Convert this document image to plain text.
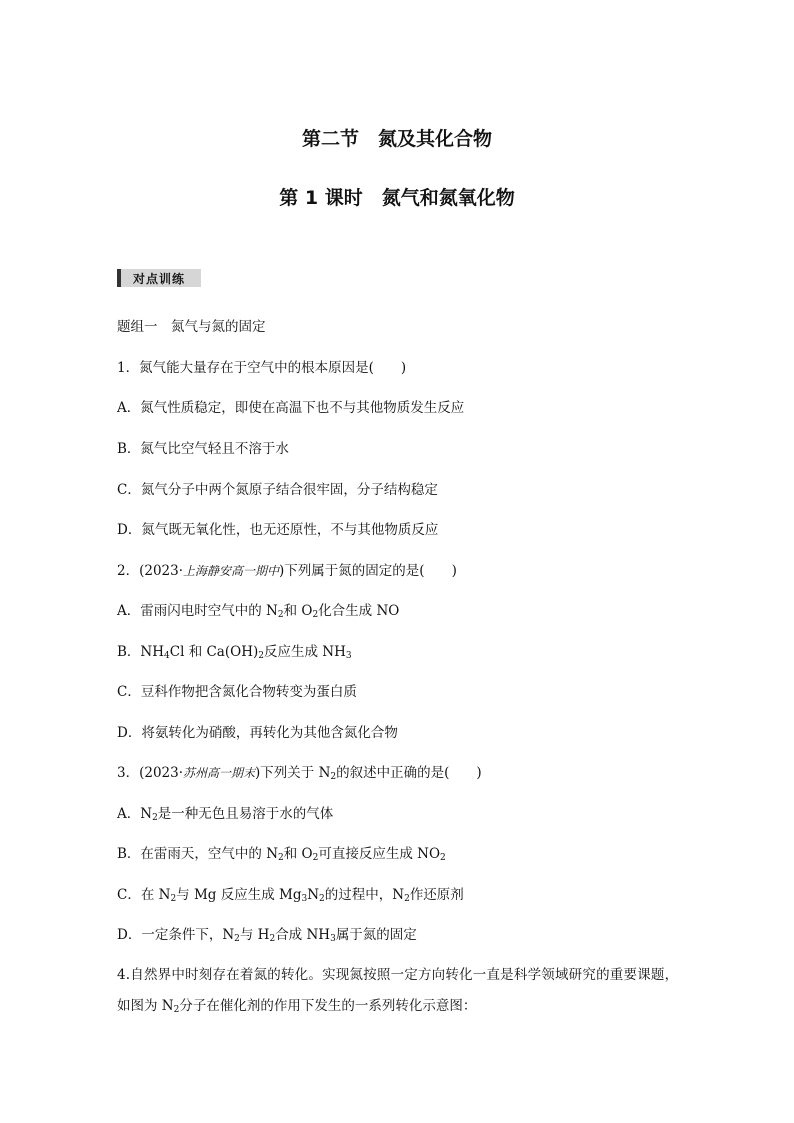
第二节　氮及其化合物
第 1 课时　氮气和氮氧化物
对点训练
题组一　氮气与氮的固定
1．氮气能大量存在于空气中的根本原因是(　　)
A．氮气性质稳定，即使在高温下也不与其他物质发生反应
B．氮气比空气轻且不溶于水
C．氮气分子中两个氮原子结合很牢固，分子结构稳定
D．氮气既无氧化性，也无还原性，不与其他物质反应
2．(2023·上海静安高一期中)下列属于氮的固定的是(　　)
A．雷雨闪电时空气中的 $N_2$和 $O_2$化合生成 NO
B．$NH_4Cl$ 和 $Ca(OH)_2$反应生成 $NH_3$
C．豆科作物把含氮化合物转变为蛋白质
D．将氨转化为硝酸，再转化为其他含氮化合物
3．(2023·苏州高一期末)下列关于 $N_2$的叙述中正确的是(　　)
A．$N_2$是一种无色且易溶于水的气体
B．在雷雨天，空气中的 $N_2$和 $O_2$可直接反应生成 $NO_2$
C．在 $N_2$与 Mg 反应生成 $Mg_3N_2$的过程中，$N_2$作还原剂
D．一定条件下，$N_2$与 $H_2$合成 $NH_3$属于氮的固定
4.自然界中时刻存在着氮的转化。实现氮按照一定方向转化一直是科学领域研究的重要课题，
如图为 $N_2$分子在催化剂的作用下发生的一系列转化示意图：
